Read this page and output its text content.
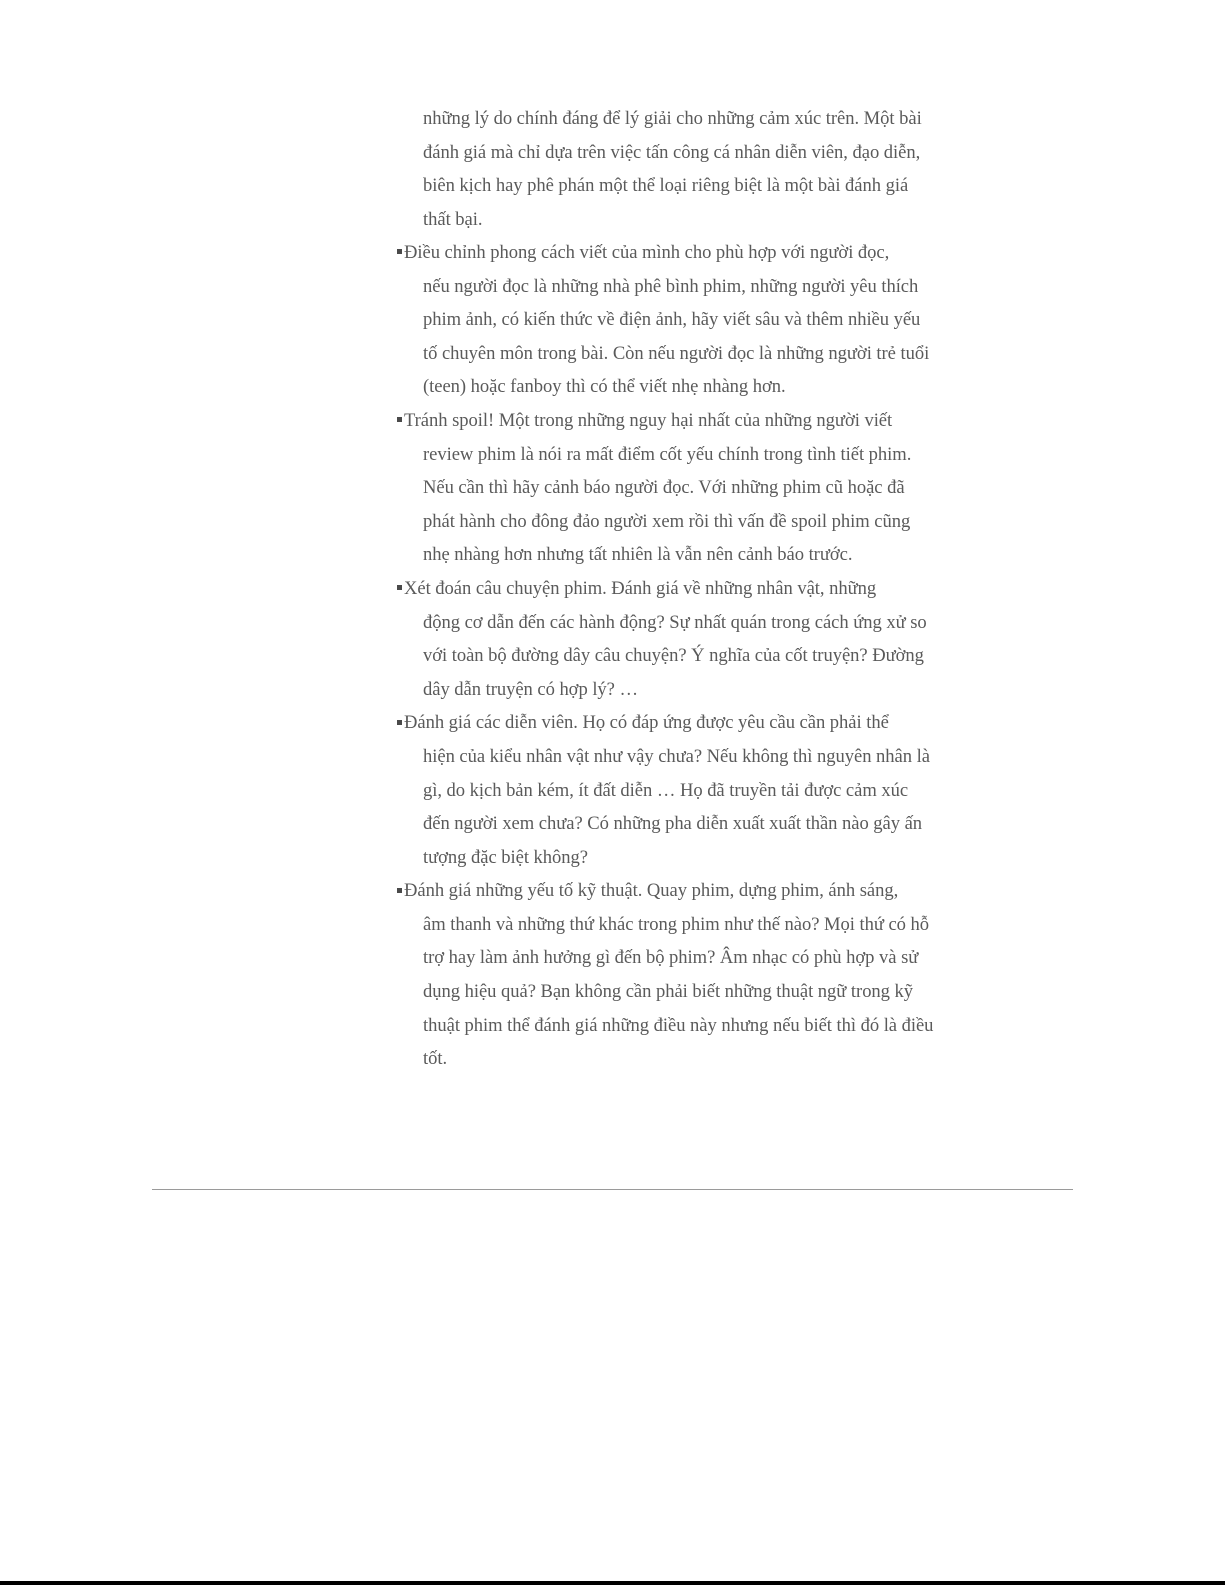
những lý do chính đáng để lý giải cho những cảm xúc trên. Một bài
đánh giá mà chỉ dựa trên việc tấn công cá nhân diễn viên, đạo diễn,
biên kịch hay phê phán một thể loại riêng biệt là một bài đánh giá
thất bại.
Điều chỉnh phong cách viết của mình cho phù hợp với người đọc,
nếu người đọc là những nhà phê bình phim, những người yêu thích
phim ảnh, có kiến thức về điện ảnh, hãy viết sâu và thêm nhiều yếu
tố chuyên môn trong bài. Còn nếu người đọc là những người trẻ tuổi
(teen) hoặc fanboy thì có thể viết nhẹ nhàng hơn.
Tránh spoil! Một trong những nguy hại nhất của những người viết
review phim là nói ra mất điểm cốt yếu chính trong tình tiết phim.
Nếu cần thì hãy cảnh báo người đọc. Với những phim cũ hoặc đã
phát hành cho đông đảo người xem rồi thì vấn đề spoil phim cũng
nhẹ nhàng hơn nhưng tất nhiên là vẫn nên cảnh báo trước.
Xét đoán câu chuyện phim. Đánh giá về những nhân vật, những
động cơ dẫn đến các hành động? Sự nhất quán trong cách ứng xử so
với toàn bộ đường dây câu chuyện? Ý nghĩa của cốt truyện? Đường
dây dẫn truyện có hợp lý? …
Đánh giá các diễn viên. Họ có đáp ứng được yêu cầu cần phải thể
hiện của kiểu nhân vật như vậy chưa? Nếu không thì nguyên nhân là
gì, do kịch bản kém, ít đất diễn … Họ đã truyền tải được cảm xúc
đến người xem chưa? Có những pha diễn xuất xuất thần nào gây ấn
tượng đặc biệt không?
Đánh giá những yếu tố kỹ thuật. Quay phim, dựng phim, ánh sáng,
âm thanh và những thứ khác trong phim như thế nào? Mọi thứ có hỗ
trợ hay làm ảnh hưởng gì đến bộ phim? Âm nhạc có phù hợp và sử
dụng hiệu quả? Bạn không cần phải biết những thuật ngữ trong kỹ
thuật phim thể đánh giá những điều này nhưng nếu biết thì đó là điều
tốt.
